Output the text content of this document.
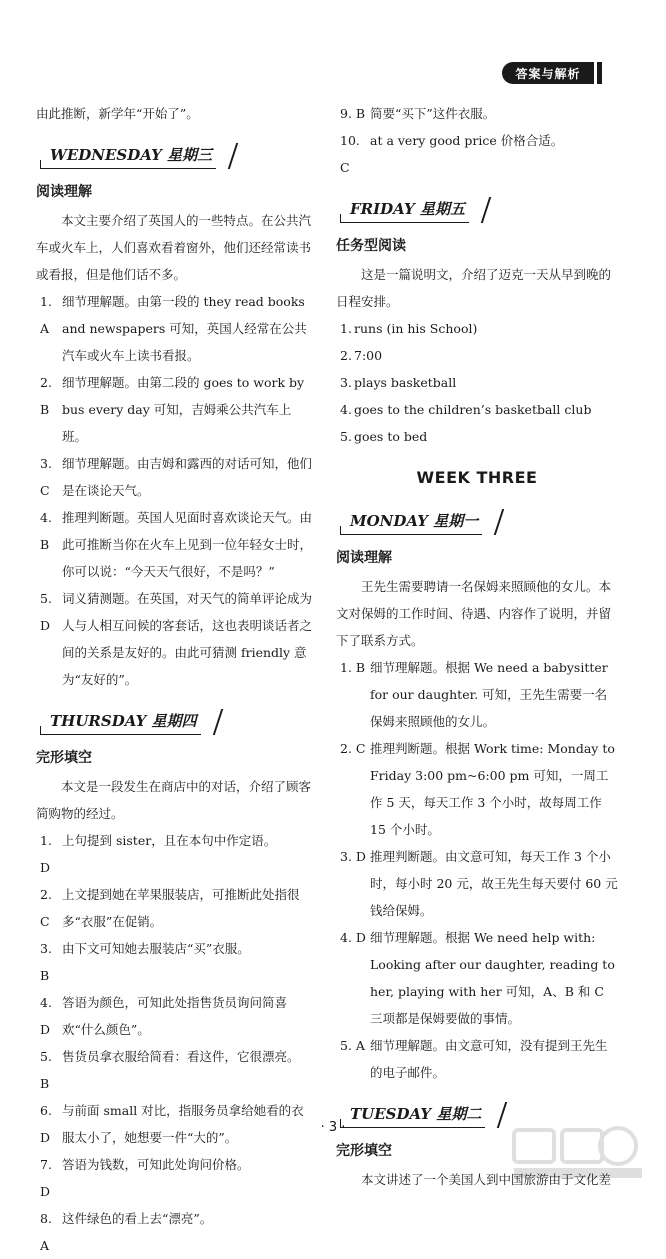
答案与解析

由此推断，新学年“开始了”。

WEDNESDAY 星期三

阅读理解

本文主要介绍了英国人的一些特点。在公共汽车或火车上，人们喜欢看着窗外，他们还经常读书或看报，但是他们话不多。

1. A
细节理解题。由第一段的 they read books and newspapers 可知，英国人经常在公共汽车或火车上读书看报。
2. B
细节理解题。由第二段的 goes to work by bus every day 可知，吉姆乘公共汽车上班。
3. C
细节理解题。由吉姆和露西的对话可知，他们是在谈论天气。
4. B
推理判断题。英国人见面时喜欢谈论天气。由此可推断当你在火车上见到一位年轻女士时，你可以说：“今天天气很好，不是吗？”
5. D
词义猜测题。在英国，对天气的简单评论成为人与人相互问候的客套话，这也表明谈话者之间的关系是友好的。由此可猜测 friendly 意为“友好的”。
THURSDAY 星期四

完形填空

本文是一段发生在商店中的对话，介绍了顾客简购物的经过。

1. D
上句提到 sister，且在本句中作定语。
2. C
上文提到她在苹果服装店，可推断此处指很多“衣服”在促销。
3. B
由下文可知她去服装店“买”衣服。
4. D
答语为颜色，可知此处指售货员询问简喜欢“什么颜色”。
5. B
售货员拿衣服给简看：看这件，它很漂亮。
6. D
与前面 small 对比，指服务员拿给她看的衣服太小了，她想要一件“大的”。
7. D
答语为钱数，可知此处询问价格。
8. A
这件绿色的看上去“漂亮”。
9. B 简要“买下”这件衣服。
10. C
at a very good price 价格合适。
FRIDAY 星期五

任务型阅读

这是一篇说明文，介绍了迈克一天从早到晚的日程安排。

1. runs (in his School)
2. 7:00
3. plays basketball
4. goes to the children’s basketball club
5. goes to bed
WEEK THREE
MONDAY 星期一

阅读理解

王先生需要聘请一名保姆来照顾他的女儿。本文对保姆的工作时间、待遇、内容作了说明，并留下了联系方式。

1. B 细节理解题。根据 We need a babysitter for our daughter. 可知，王先生需要一名保姆来照顾他的女儿。
2. C 推理判断题。根据 Work time: Monday to Friday 3:00 pm~6:00 pm 可知，一周工作 5 天，每天工作 3 个小时，故每周工作 15 个小时。
3. D 推理判断题。由文意可知，每天工作 3 个小时，每小时 20 元，故王先生每天要付 60 元钱给保姆。
4. D 细节理解题。根据 We need help with: Looking after our daughter, reading to her, playing with her 可知，A、B 和 C 三项都是保姆要做的事情。
5. A 细节理解题。由文意可知，没有提到王先生的电子邮件。
TUESDAY 星期二

完形填空

本文讲述了一个美国人到中国旅游由于文化差

· 3 ·
